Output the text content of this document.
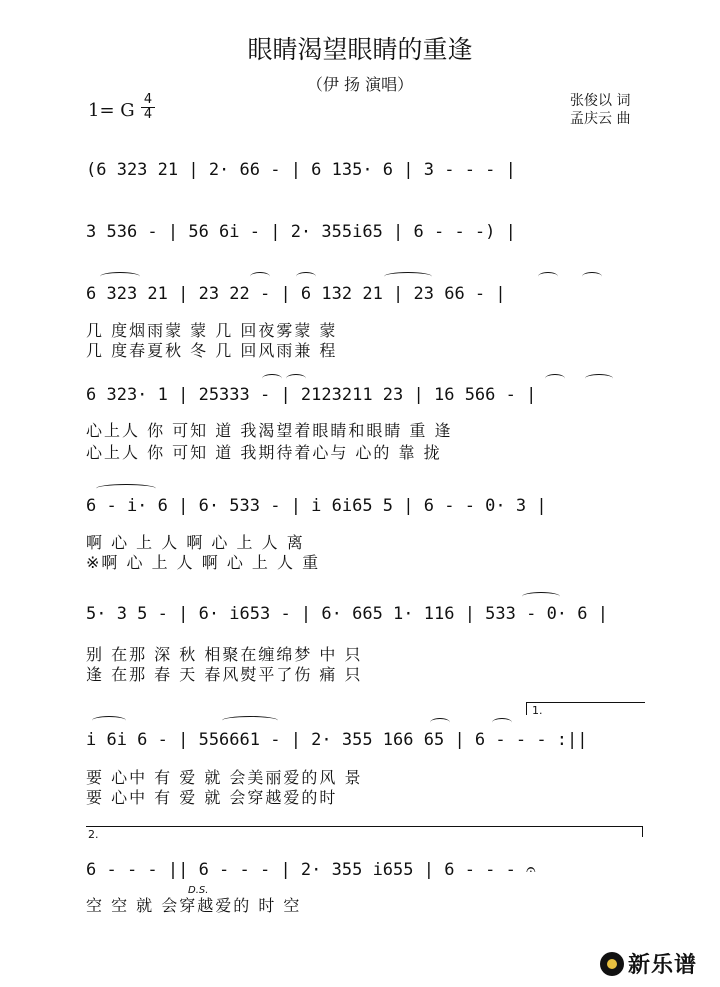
眼睛渴望眼睛的重逢
（伊 扬 演唱）
1= G $\frac{4}{4}$	张俊以 词
孟庆云 曲
(6 323 21 | 2· 66 - | 6 135· 6 | 3 - - - |
3 536 - | 56 6i - | 2· 355i65 | 6 - - -) |
6 323 21 | 23 22 - | 6 132 21 | 23 66 - |
6 323· 1 | 25333 - | 2123211 23 | 16 566 - |
6 - i· 6 | 6· 533 - | i 6i65 5 | 6 - - 0· 3 |
5· 3 5 - | 6· i653 - | 6· 665 1· 116 | 533 - 0· 6 |
i 6i 6 - | 556661 - | 2· 355 166 65 | 6 - - - :||
6 - - - || 6 - - - | 2· 355 i655 | 6 - - - 𝄐
几 度烟雨蒙 蒙 几 回夜雾蒙 蒙
几 度春夏秋 冬 几 回风雨兼 程
心上人 你 可知 道 我渴望着眼睛和眼睛 重 逢
心上人 你 可知 道 我期待着心与 心的 靠 拢
啊 心 上 人 啊 心 上 人 离
※啊 心 上 人 啊 心 上 人 重
别 在那 深 秋 相聚在缠绵梦 中 只
逢 在那 春 天 春风熨平了伤 痛 只
要 心中 有 爱 就 会美丽爱的风 景
要 心中 有 爱 就 会穿越爱的时
空 空 就 会穿越爱的 时 空
1.
2.
D.S.
新乐谱
